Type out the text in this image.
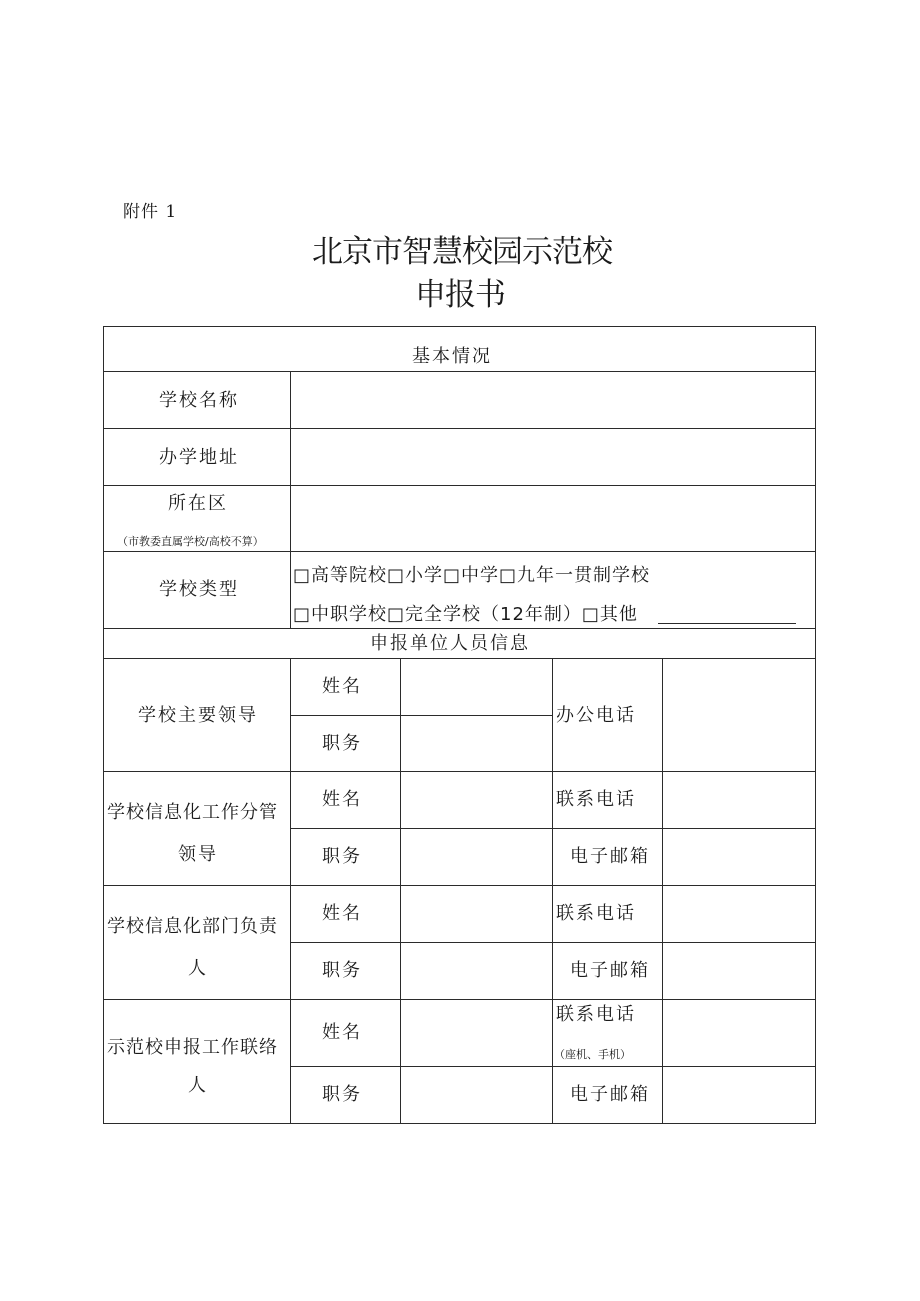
附件 1
北京市智慧校园示范校
申报书
基本情况
学校名称
办学地址
所在区
（市教委直属学校/高校不算）
学校类型
□高等院校□小学□中学□九年一贯制学校
□中职学校□完全学校（12年制）□其他
申报单位人员信息
学校主要领导
姓名
职务
办公电话
学校信息化工作分管
领导
姓名
职务
联系电话
电子邮箱
学校信息化部门负责
人
姓名
职务
联系电话
电子邮箱
示范校申报工作联络
人
姓名
职务
联系电话
（座机、手机）
电子邮箱
